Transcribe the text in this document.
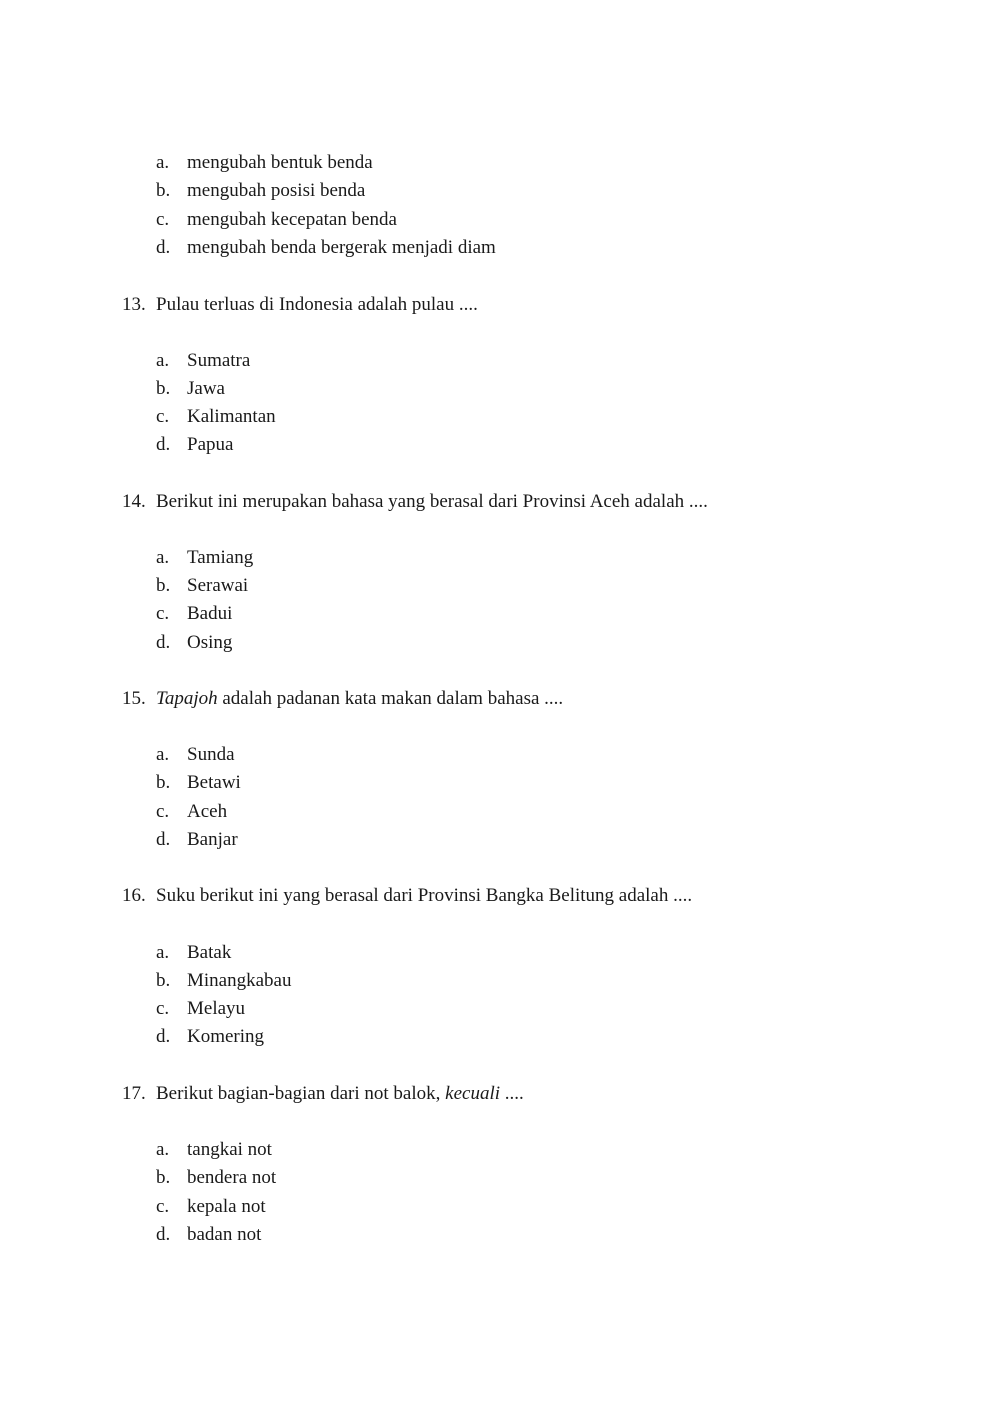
a. mengubah bentuk benda
b. mengubah posisi benda
c. mengubah kecepatan benda
d. mengubah benda bergerak menjadi diam
13. Pulau terluas di Indonesia adalah pulau ....
a. Sumatra
b. Jawa
c. Kalimantan
d. Papua
14. Berikut ini merupakan bahasa yang berasal dari Provinsi Aceh adalah ....
a. Tamiang
b. Serawai
c. Badui
d. Osing
15. Tapajoh adalah padanan kata makan dalam bahasa ....
a. Sunda
b. Betawi
c. Aceh
d. Banjar
16. Suku berikut ini yang berasal dari Provinsi Bangka Belitung adalah ....
a. Batak
b. Minangkabau
c. Melayu
d. Komering
17. Berikut bagian-bagian dari not balok, kecuali ....
a. tangkai not
b. bendera not
c. kepala not
d. badan not
